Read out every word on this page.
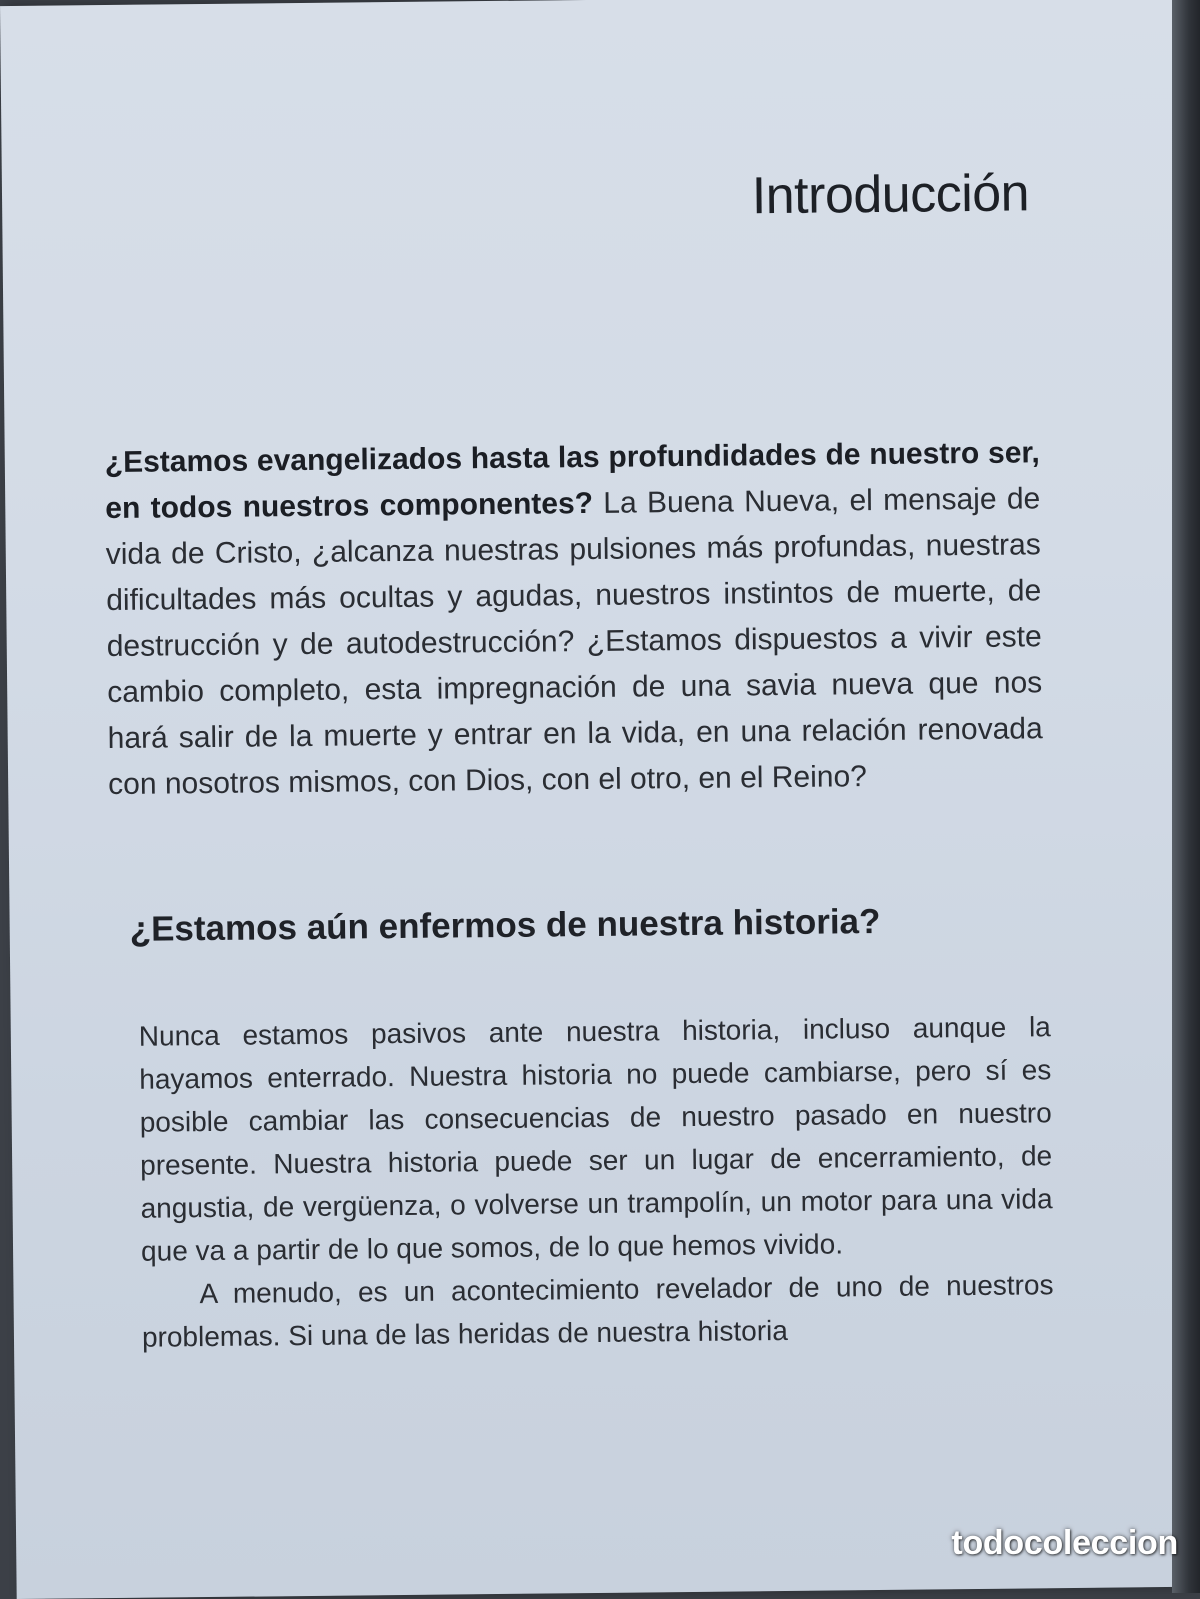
Introducción
¿Estamos evangelizados hasta las profundidades de nuestro ser, en todos nuestros componentes? La Buena Nueva, el mensaje de vida de Cristo, ¿alcanza nuestras pulsiones más profundas, nuestras dificultades más ocultas y agudas, nuestros instintos de muerte, de destrucción y de autodestrucción? ¿Estamos dispuestos a vivir este cambio completo, esta impregnación de una savia nueva que nos hará salir de la muerte y entrar en la vida, en una relación renovada con nosotros mismos, con Dios, con el otro, en el Reino?
¿Estamos aún enfermos de nuestra historia?

Nunca estamos pasivos ante nuestra historia, incluso aunque la hayamos enterrado. Nuestra historia no puede cambiarse, pero sí es posible cambiar las consecuencias de nuestro pasado en nuestro presente. Nuestra historia puede ser un lugar de encerramiento, de angustia, de vergüenza, o volverse un trampolín, un motor para una vida que va a partir de lo que somos, de lo que hemos vivido.

A menudo, es un acontecimiento revelador de uno de nuestros problemas. Si una de las heridas de nuestra historia

todocoleccion
